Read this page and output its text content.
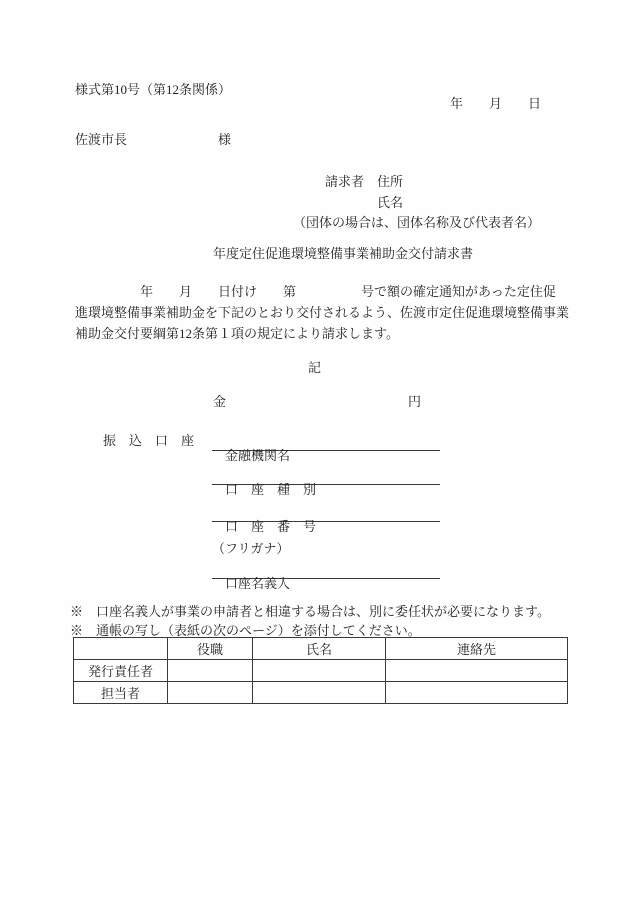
様式第10号（第12条関係）
年　　月　　日
佐渡市長　　　　　　　様
請求者　住所
氏名
（団体の場合は、団体名称及び代表者名）
年度定住促進環境整備事業補助金交付請求書
　　　　　年　　月　　日付け　　第　　　　　号で額の確定通知があった定住促
進環境整備事業補助金を下記のとおり交付されるよう、佐渡市定住促進環境整備事業
補助金交付要綱第12条第１項の規定により請求します。
記
金　　　　　　　　　　　　　　円
振　込　口　座

金融機関名

口　座　種　別

口　座　番　号

（フリガナ）

口座名義人

※　口座名義人が事業の申請者と相違する場合は、別に委任状が必要になります。
※　通帳の写し（表紙の次のページ）を添付してください。
	役職	氏名	連絡先
発行責任者			
担当者			
